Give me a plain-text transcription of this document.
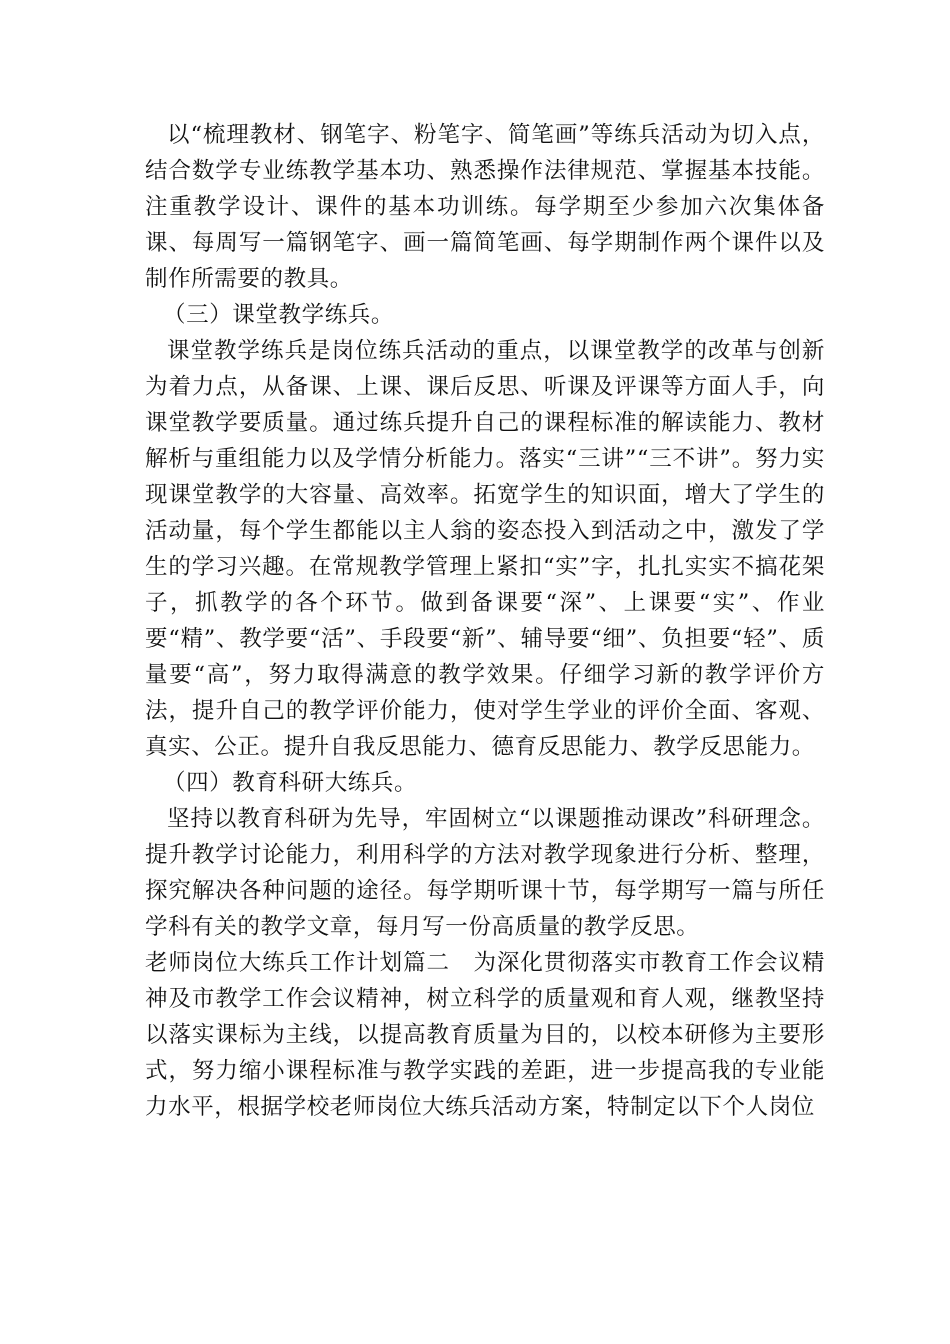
以“梳理教材、钢笔字、粉笔字、简笔画”等练兵活动为切入点，结合数学专业练教学基本功、熟悉操作法律规范、掌握基本技能。注重教学设计、课件的基本功训练。每学期至少参加六次集体备课、每周写一篇钢笔字、画一篇简笔画、每学期制作两个课件以及制作所需要的教具。

（三）课堂教学练兵。

课堂教学练兵是岗位练兵活动的重点，以课堂教学的改革与创新为着力点，从备课、上课、课后反思、听课及评课等方面人手，向课堂教学要质量。通过练兵提升自己的课程标准的解读能力、教材解析与重组能力以及学情分析能力。落实“三讲”“三不讲”。努力实现课堂教学的大容量、高效率。拓宽学生的知识面，增大了学生的活动量，每个学生都能以主人翁的姿态投入到活动之中，激发了学生的学习兴趣。在常规教学管理上紧扣“实”字，扎扎实实不搞花架子，抓教学的各个环节。做到备课要“深”、上课要“实”、作业要“精”、教学要“活”、手段要“新”、辅导要“细”、负担要“轻”、质量要“高”，努力取得满意的教学效果。仔细学习新的教学评价方法，提升自己的教学评价能力，使对学生学业的评价全面、客观、真实、公正。提升自我反思能力、德育反思能力、教学反思能力。

（四）教育科研大练兵。

坚持以教育科研为先导，牢固树立“以课题推动课改”科研理念。提升教学讨论能力，利用科学的方法对教学现象进行分析、整理，探究解决各种问题的途径。每学期听课十节，每学期写一篇与所任学科有关的教学文章，每月写一份高质量的教学反思。

老师岗位大练兵工作计划篇二　为深化贯彻落实市教育工作会议精神及市教学工作会议精神，树立科学的质量观和育人观，继教坚持以落实课标为主线，以提高教育质量为目的，以校本研修为主要形式，努力缩小课程标准与教学实践的差距，进一步提高我的专业能力水平，根据学校老师岗位大练兵活动方案，特制定以下个人岗位
